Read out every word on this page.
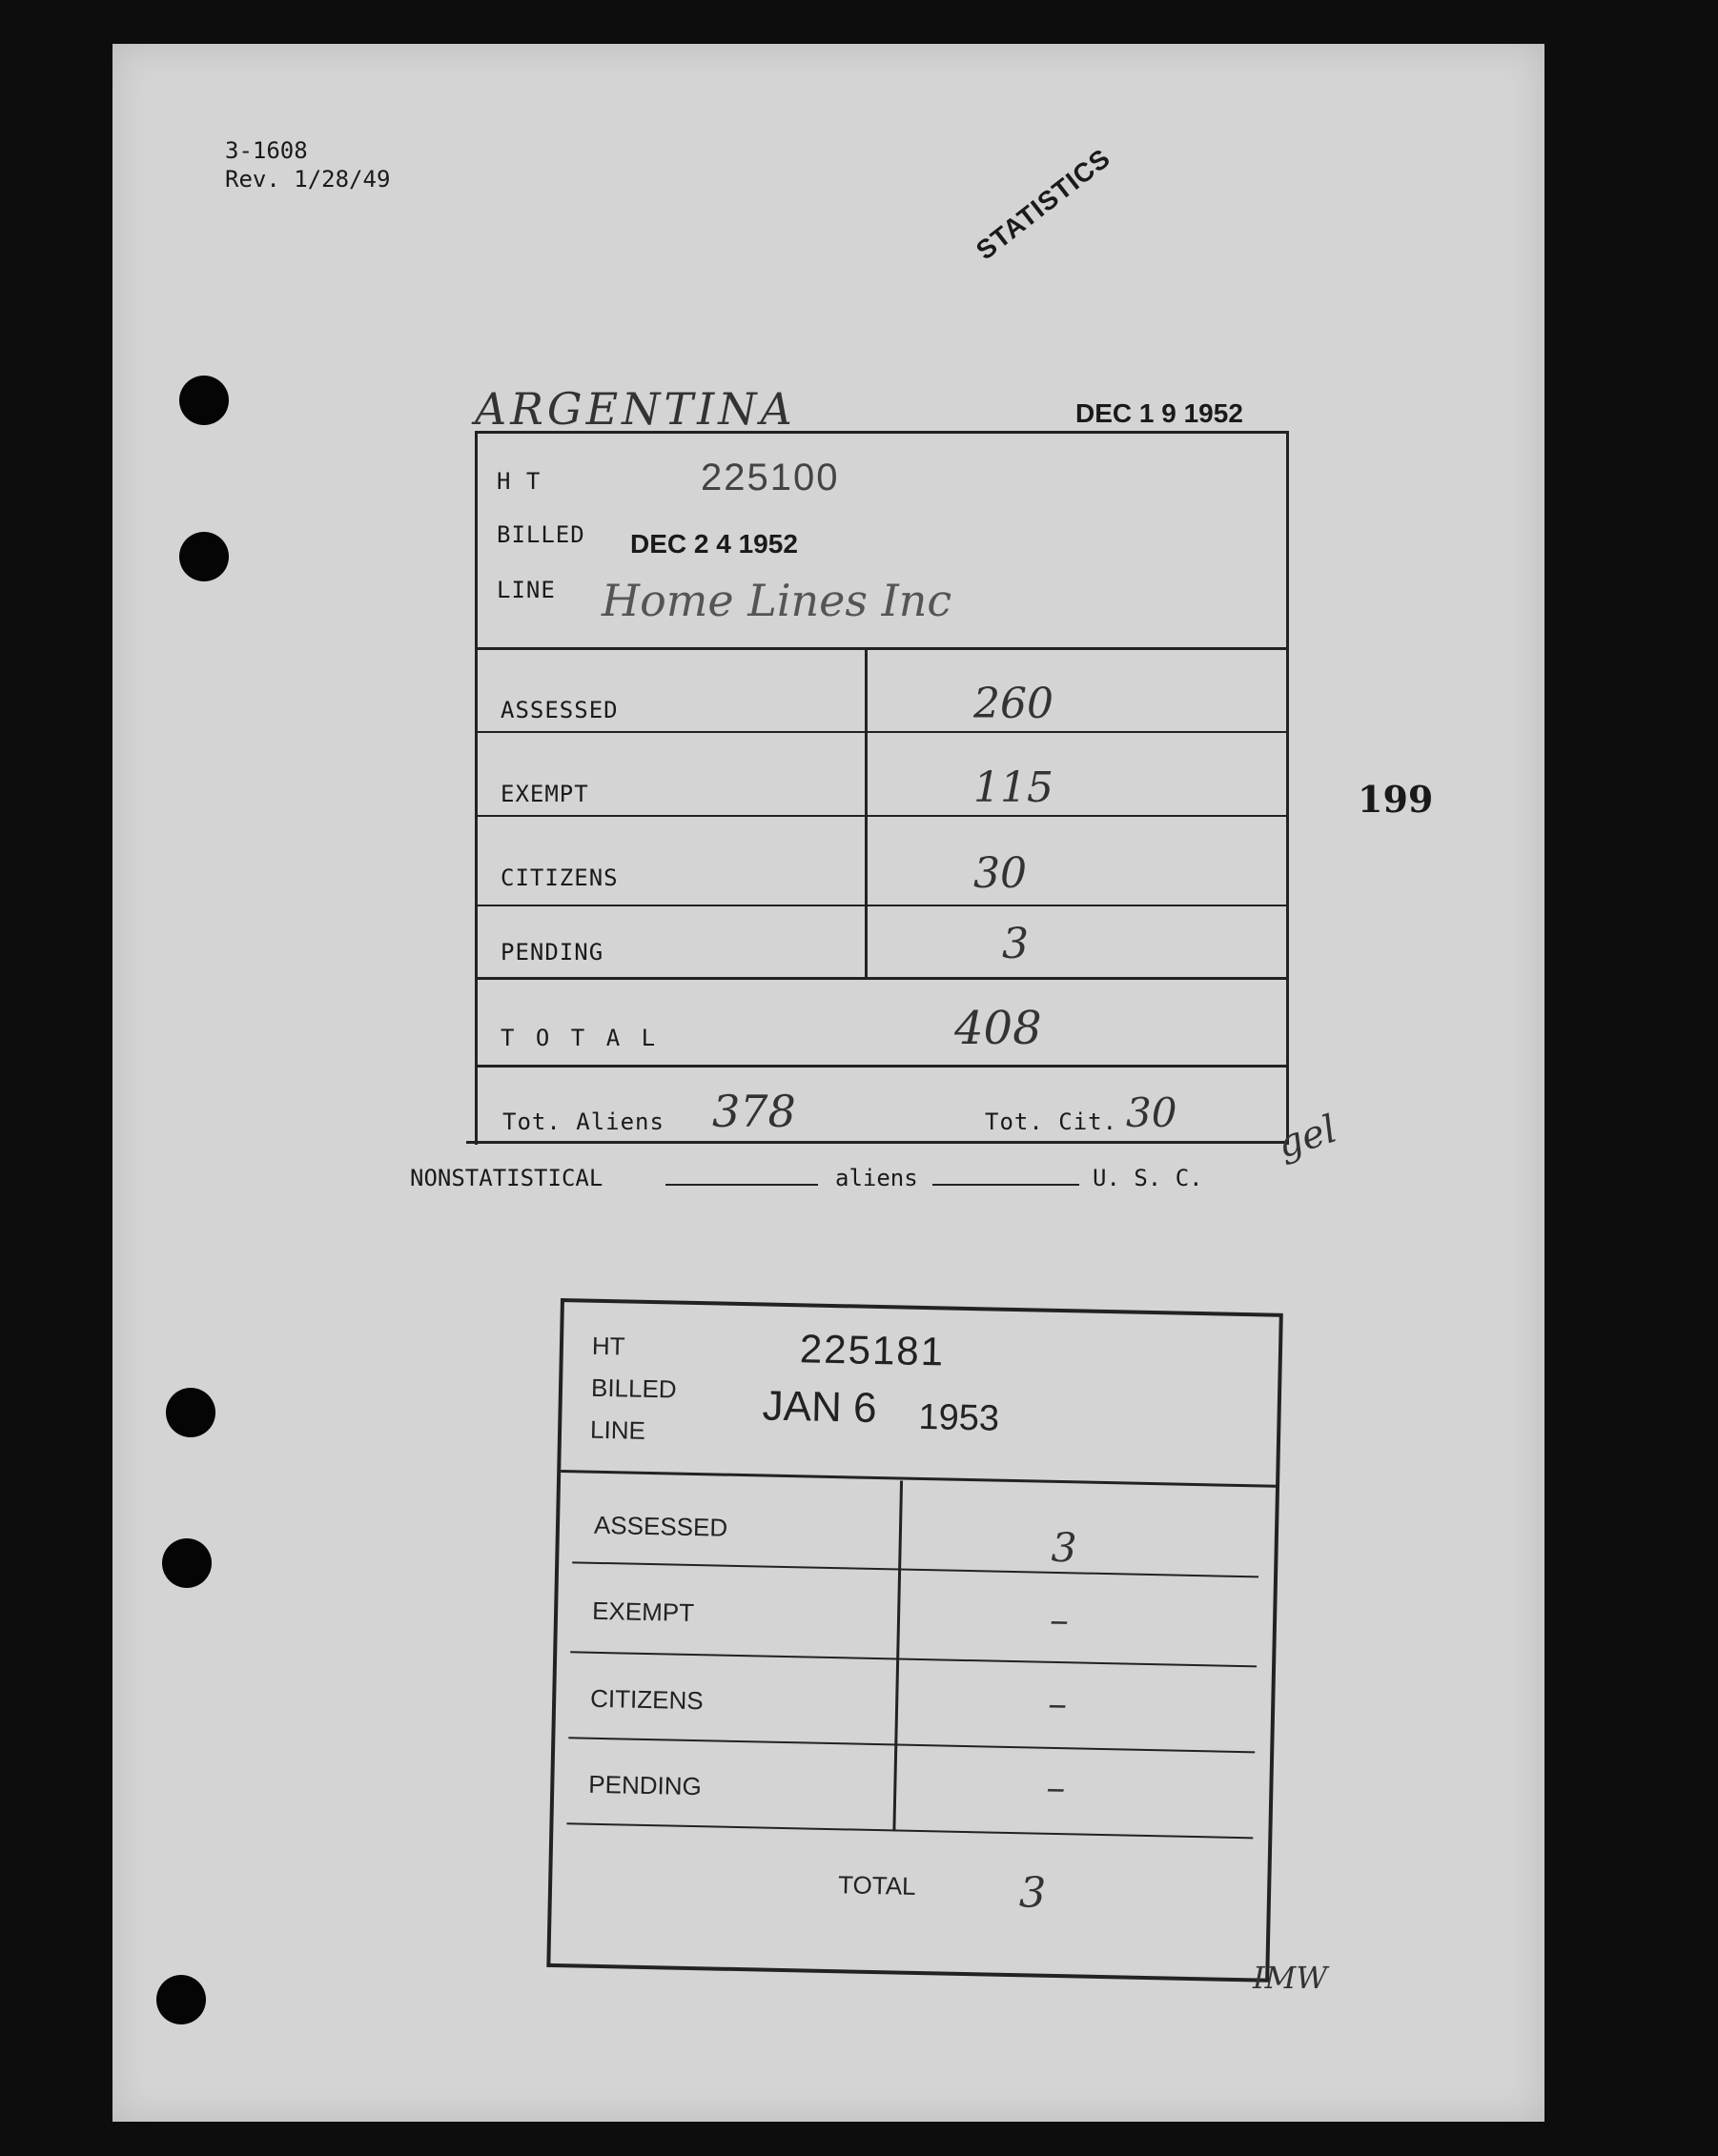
3-1608
Rev. 1/28/49	STATISTICS
ARGENTINA	DEC 1 9 1952
199
H T	225100
BILLED DEC 2 4 1952
LINE Home Lines Inc
ASSESSED	260
EXEMPT	115
CITIZENS	30
PENDING	3
T O T A L	408
Tot. Aliens 378	Tot. Cit. 30 gel
NONSTATISTICAL	aliens	U. S. C.
HT	225181
BILLED JAN 6 1953
LINE
ASSESSED	3
EXEMPT	–
CITIZENS	–
PENDING	–
TOTAL 3
IMW
